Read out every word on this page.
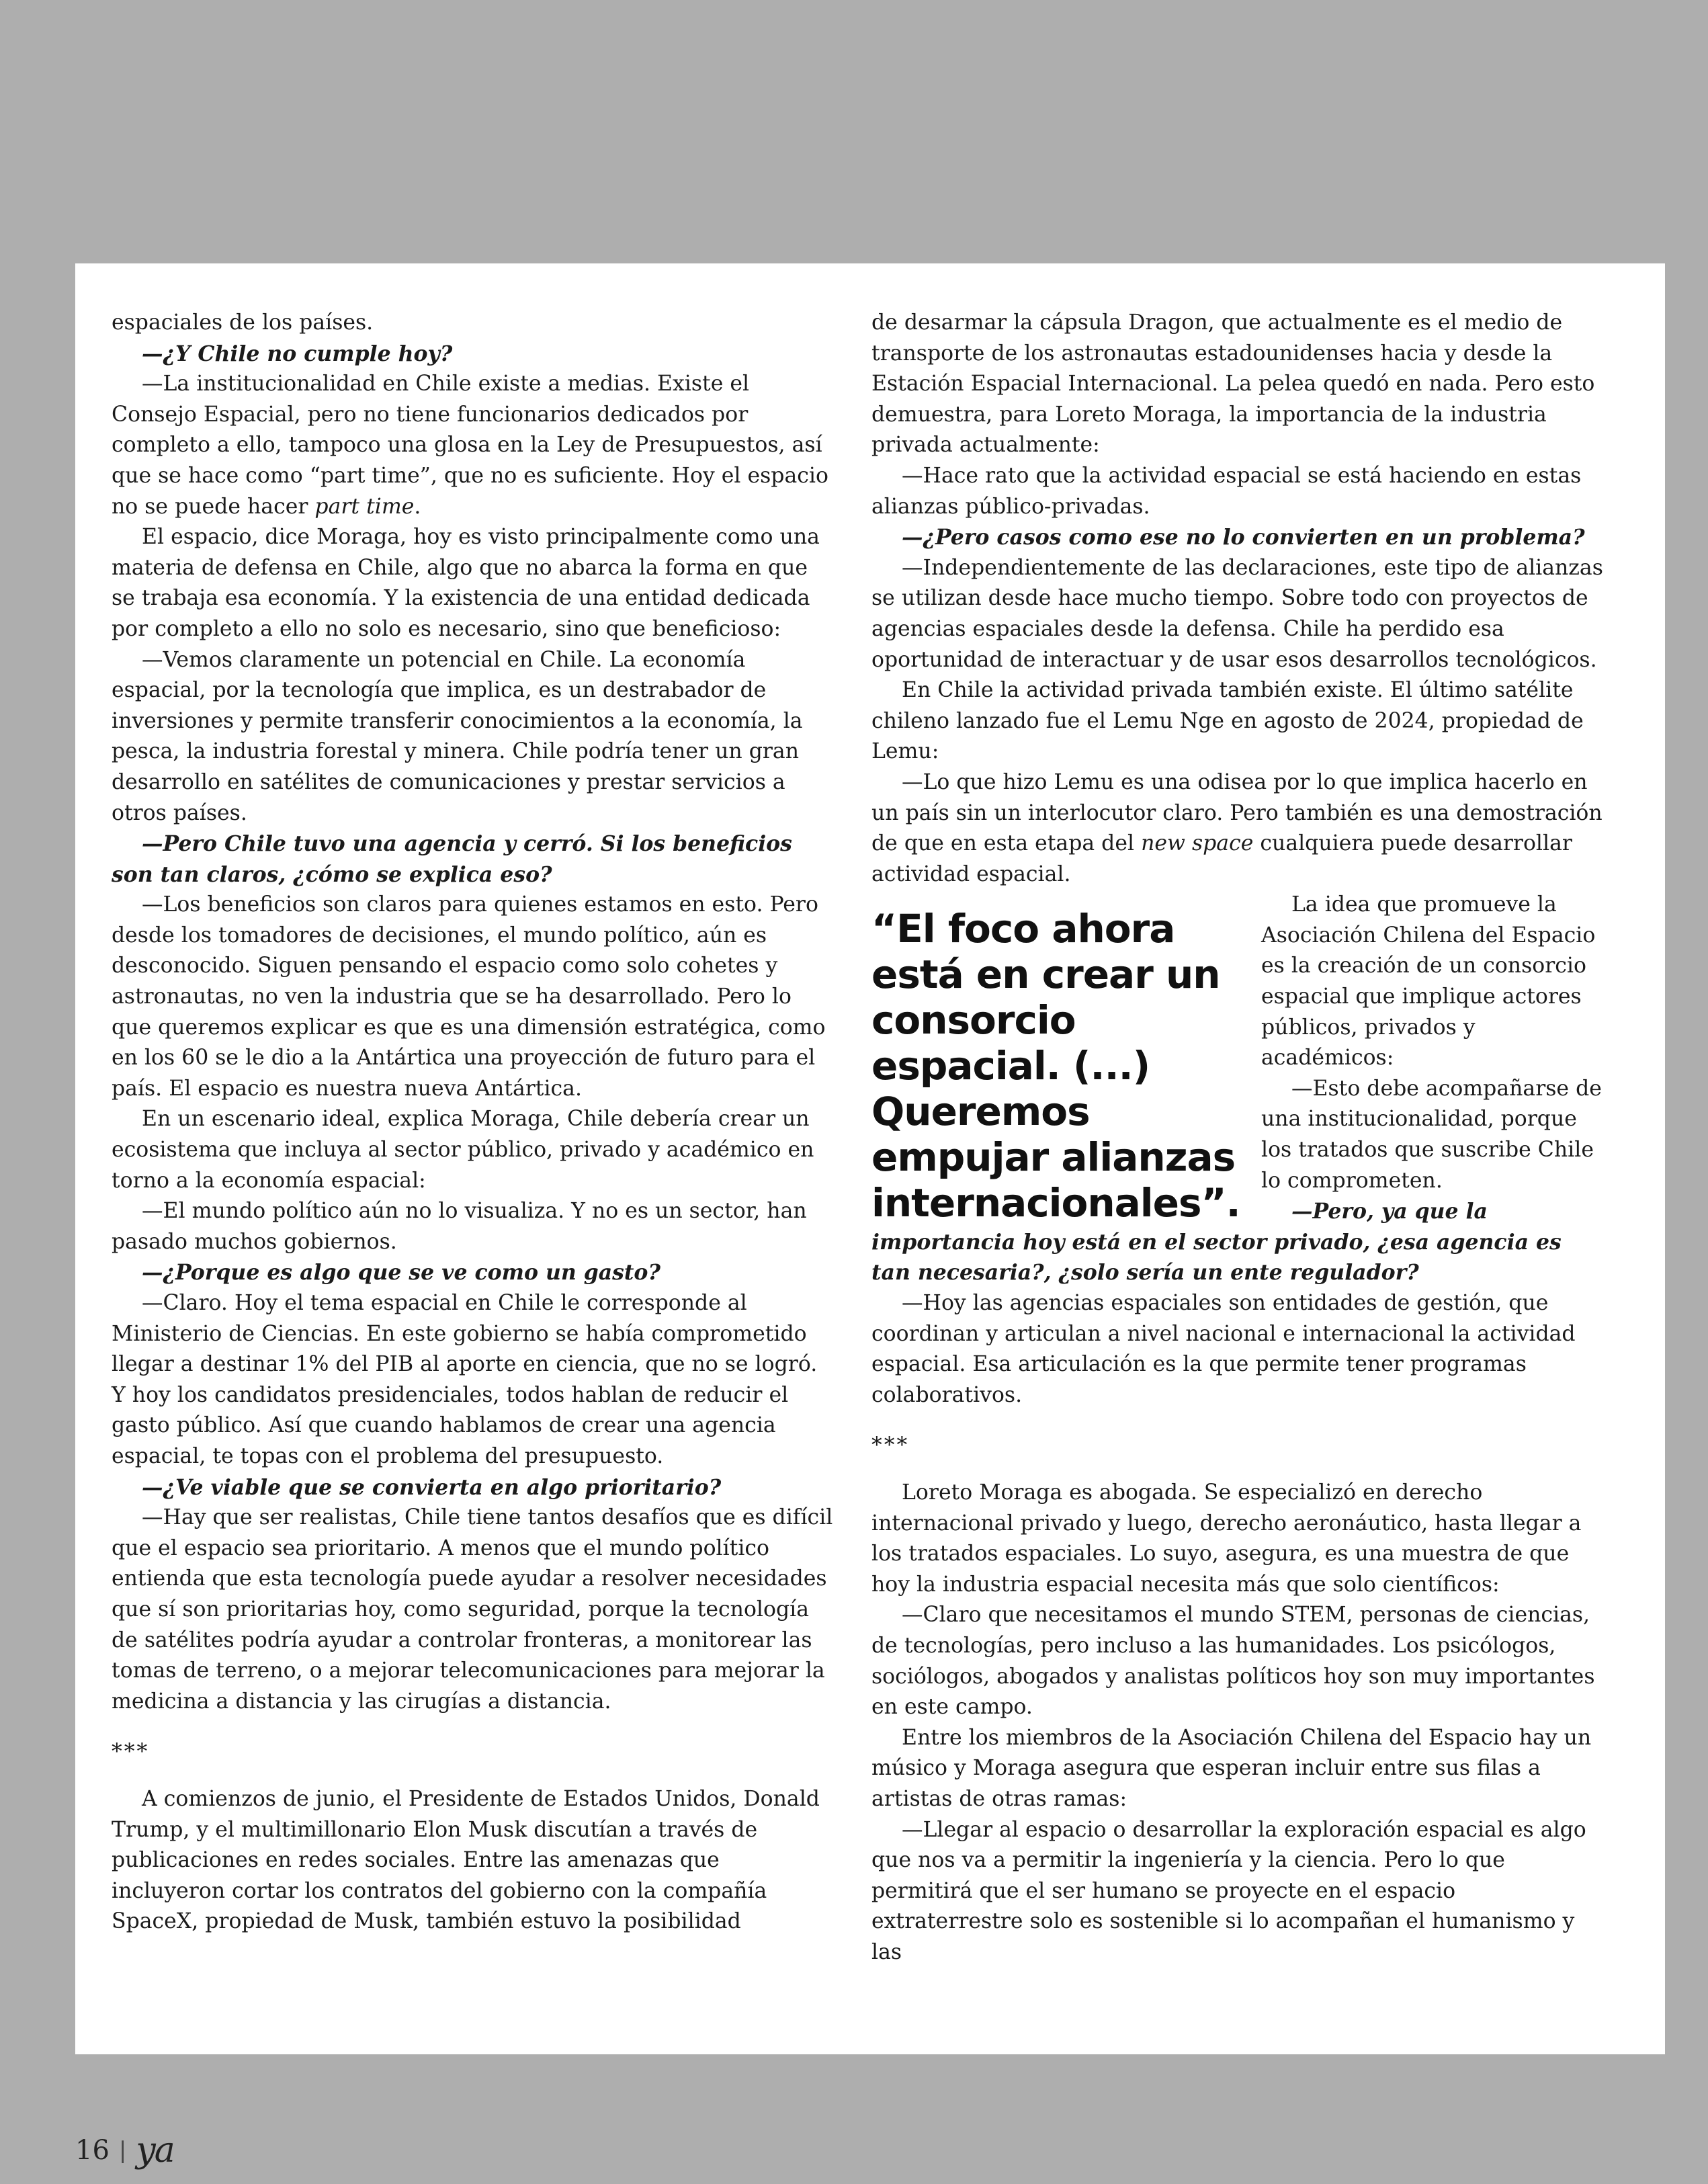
espaciales de los países.

—¿Y Chile no cumple hoy?

—La institucionalidad en Chile existe a medias. Existe el Consejo Espacial, pero no tiene funcionarios dedicados por completo a ello, tampoco una glosa en la Ley de Presupuestos, así que se hace como “part time”, que no es suficiente. Hoy el espacio no se puede hacer part time.

El espacio, dice Moraga, hoy es visto principalmente como una materia de defensa en Chile, algo que no abarca la forma en que se trabaja esa economía. Y la existencia de una entidad dedicada por completo a ello no solo es necesario, sino que beneficioso:

—Vemos claramente un potencial en Chile. La economía espacial, por la tecnología que implica, es un destrabador de inversiones y permite transferir conocimientos a la economía, la pesca, la industria forestal y minera. Chile podría tener un gran desarrollo en satélites de comunicaciones y prestar servicios a otros países.

—Pero Chile tuvo una agencia y cerró. Si los beneficios son tan claros, ¿cómo se explica eso?

—Los beneficios son claros para quienes estamos en esto. Pero desde los tomadores de decisiones, el mundo político, aún es desconocido. Siguen pensando el espacio como solo cohetes y astronautas, no ven la industria que se ha desarrollado. Pero lo que queremos explicar es que es una dimensión estratégica, como en los 60 se le dio a la Antártica una proyección de futuro para el país. El espacio es nuestra nueva Antártica.

En un escenario ideal, explica Moraga, Chile debería crear un ecosistema que incluya al sector público, privado y académico en torno a la economía espacial:

—El mundo político aún no lo visualiza. Y no es un sector, han pasado muchos gobiernos.

—¿Porque es algo que se ve como un gasto?

—Claro. Hoy el tema espacial en Chile le corresponde al Ministerio de Ciencias. En este gobierno se había comprometido llegar a destinar 1% del PIB al aporte en ciencia, que no se logró. Y hoy los candidatos presidenciales, todos hablan de reducir el gasto público. Así que cuando hablamos de crear una agencia espacial, te topas con el problema del presupuesto.

—¿Ve viable que se convierta en algo prioritario?

—Hay que ser realistas, Chile tiene tantos desafíos que es difícil que el espacio sea prioritario. A menos que el mundo político entienda que esta tecnología puede ayudar a resolver necesidades que sí son prioritarias hoy, como seguridad, porque la tecnología de satélites podría ayudar a controlar fronteras, a monitorear las tomas de terreno, o a mejorar telecomunicaciones para mejorar la medicina a distancia y las cirugías a distancia.

***

A comienzos de junio, el Presidente de Estados Unidos, Donald Trump, y el multimillonario Elon Musk discutían a través de publicaciones en redes sociales. Entre las amenazas que incluyeron cortar los contratos del gobierno con la compañía SpaceX, propiedad de Musk, también estuvo la posibilidad

de desarmar la cápsula Dragon, que actualmente es el medio de transporte de los astronautas estadounidenses hacia y desde la Estación Espacial Internacional. La pelea quedó en nada. Pero esto demuestra, para Loreto Moraga, la importancia de la industria privada actualmente:

—Hace rato que la actividad espacial se está haciendo en estas alianzas público-privadas.

—¿Pero casos como ese no lo convierten en un problema?

—Independientemente de las declaraciones, este tipo de alianzas se utilizan desde hace mucho tiempo. Sobre todo con proyectos de agencias espaciales desde la defensa. Chile ha perdido esa oportunidad de interactuar y de usar esos desarrollos tecnológicos.

En Chile la actividad privada también existe. El último satélite chileno lanzado fue el Lemu Nge en agosto de 2024, propiedad de Lemu:

—Lo que hizo Lemu es una odisea por lo que implica hacerlo en un país sin un interlocutor claro. Pero también es una demostración de que en esta etapa del new space cualquiera puede desarrollar actividad espacial.

“El foco ahora está en crear un consorcio espacial. (...) Queremos empujar alianzas internacionales”.

La idea que promueve la Asociación Chilena del Espacio es la creación de un consorcio espacial que implique actores públicos, privados y académicos:

—Esto debe acompañarse de una institucionalidad, porque los tratados que suscribe Chile lo comprometen.

—Pero, ya que la importancia hoy está en el sector privado, ¿esa agencia es tan necesaria?, ¿solo sería un ente regulador?

—Hoy las agencias espaciales son entidades de gestión, que coordinan y articulan a nivel nacional e internacional la actividad espacial. Esa articulación es la que permite tener programas colaborativos.

***

Loreto Moraga es abogada. Se especializó en derecho internacional privado y luego, derecho aeronáutico, hasta llegar a los tratados espaciales. Lo suyo, asegura, es una muestra de que hoy la industria espacial necesita más que solo científicos:

—Claro que necesitamos el mundo STEM, personas de ciencias, de tecnologías, pero incluso a las humanidades. Los psicólogos, sociólogos, abogados y analistas políticos hoy son muy importantes en este campo.

Entre los miembros de la Asociación Chilena del Espacio hay un músico y Moraga asegura que esperan incluir entre sus filas a artistas de otras ramas:

—Llegar al espacio o desarrollar la exploración espacial es algo que nos va a permitir la ingeniería y la ciencia. Pero lo que permitirá que el ser humano se proyecte en el espacio extraterrestre solo es sostenible si lo acompañan el humanismo y las

16 | ya
